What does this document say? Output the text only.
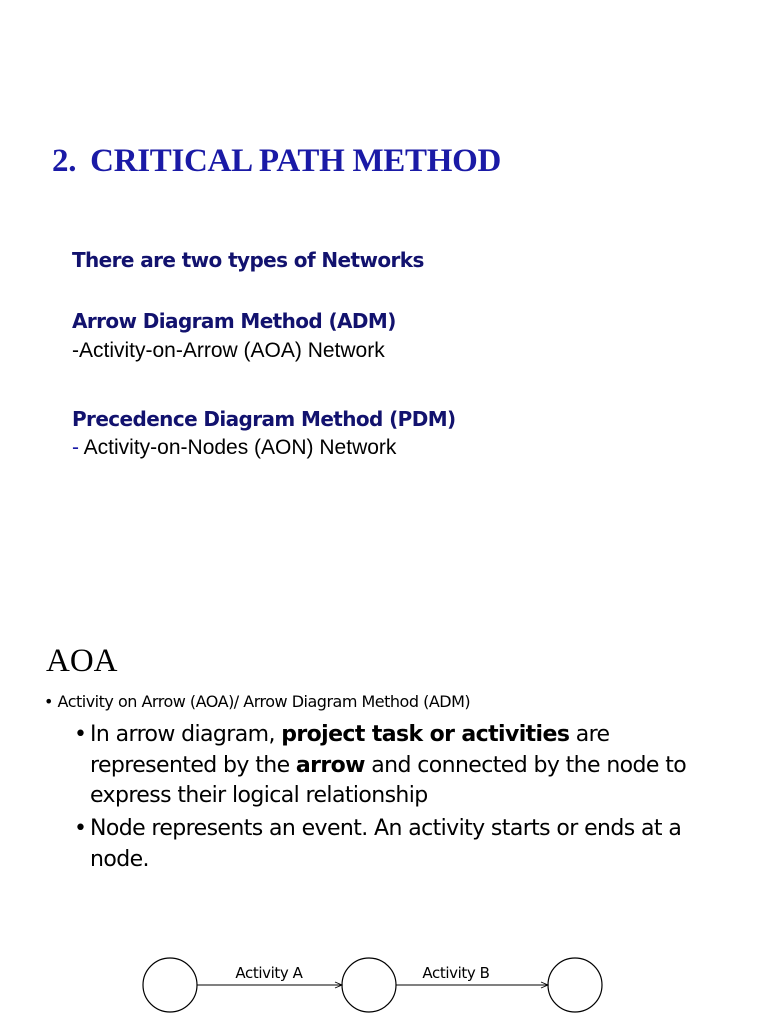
2. CRITICAL PATH METHOD
There are two types of Networks
Arrow Diagram Method (ADM)
-Activity-on-Arrow (AOA) Network
Precedence Diagram Method (PDM)
- Activity-on-Nodes (AON) Network
AOA
• Activity on Arrow (AOA)/ Arrow Diagram Method (ADM)
• In arrow diagram, project task or activities are represented by the arrow and connected by the node to express their logical relationship
• Node represents an event. An activity starts or ends at a node.
Activity A	Activity B
